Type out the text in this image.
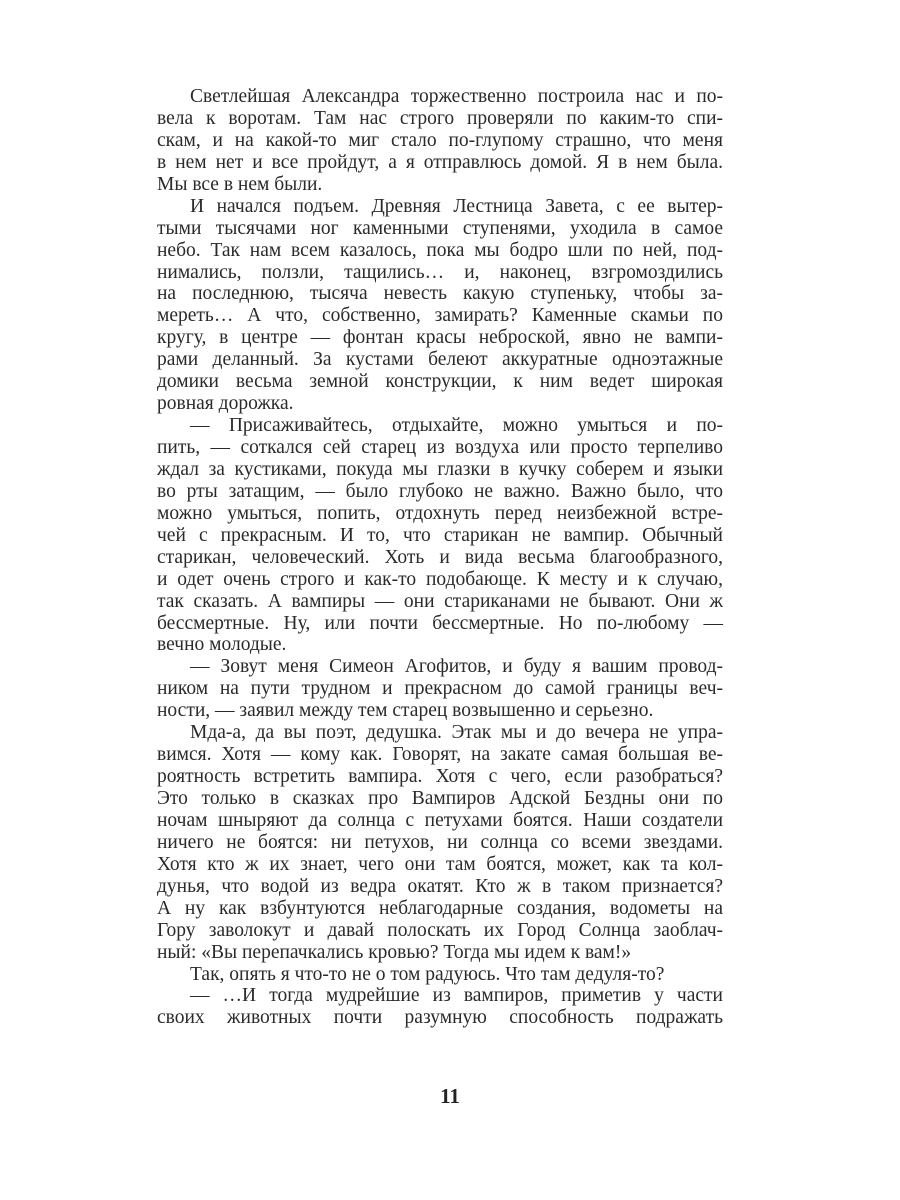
Светлейшая Александра торжественно построила нас и по-
вела к воротам. Там нас строго проверяли по каким-то спи-
скам, и на какой-то миг стало по-глупому страшно, что меня
в нем нет и все пройдут, а я отправлюсь домой. Я в нем была.
Мы все в нем были.
И начался подъем. Древняя Лестница Завета, с ее вытер-
тыми тысячами ног каменными ступенями, уходила в самое
небо. Так нам всем казалось, пока мы бодро шли по ней, под-
нимались, ползли, тащились… и, наконец, взгромоздились
на последнюю, тысяча невесть какую ступеньку, чтобы за-
мереть… А что, собственно, замирать? Каменные скамьи по
кругу, в центре — фонтан красы неброской, явно не вампи-
рами деланный. За кустами белеют аккуратные одноэтажные
домики весьма земной конструкции, к ним ведет широкая
ровная дорожка.
— Присаживайтесь, отдыхайте, можно умыться и по-
пить, — соткался сей старец из воздуха или просто терпеливо
ждал за кустиками, покуда мы глазки в кучку соберем и языки
во рты затащим, — было глубоко не важно. Важно было, что
можно умыться, попить, отдохнуть перед неизбежной встре-
чей с прекрасным. И то, что старикан не вампир. Обычный
старикан, человеческий. Хоть и вида весьма благообразного,
и одет очень строго и как-то подобающе. К месту и к случаю,
так сказать. А вампиры — они стариканами не бывают. Они ж
бессмертные. Ну, или почти бессмертные. Но по-любому —
вечно молодые.
— Зовут меня Симеон Агофитов, и буду я вашим провод-
ником на пути трудном и прекрасном до самой границы веч-
ности, — заявил между тем старец возвышенно и серьезно.
Мда-а, да вы поэт, дедушка. Этак мы и до вечера не упра-
вимся. Хотя — кому как. Говорят, на закате самая большая ве-
роятность встретить вампира. Хотя с чего, если разобраться?
Это только в сказках про Вампиров Адской Бездны они по
ночам шныряют да солнца с петухами боятся. Наши создатели
ничего не боятся: ни петухов, ни солнца со всеми звездами.
Хотя кто ж их знает, чего они там боятся, может, как та кол-
дунья, что водой из ведра окатят. Кто ж в таком признается?
А ну как взбунтуются неблагодарные создания, водометы на
Гору заволокут и давай полоскать их Город Солнца заоблач-
ный: «Вы перепачкались кровью? Тогда мы идем к вам!»
Так, опять я что-то не о том радуюсь. Что там дедуля-то?
— …И тогда мудрейшие из вампиров, приметив у части
своих животных почти разумную способность подражать
11
